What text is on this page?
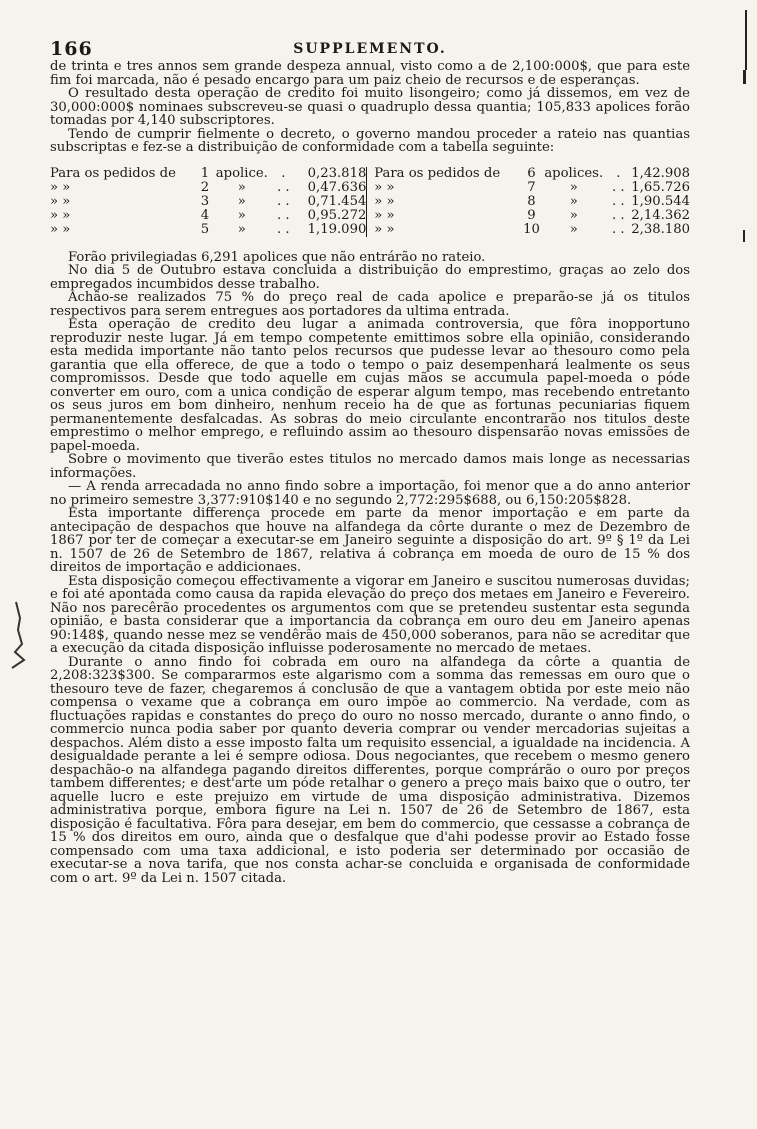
166	SUPPLEMENTO.

de trinta e tres annos sem grande despeza annual, visto como a de 2,100:000$, que para este fim foi marcada, não é pesado encargo para um paiz cheio de recursos e de esperanças.

O resultado desta operação de credito foi muito lisongeiro; como já dissemos, em vez de 30,000:000$ nominaes subscreveu-se quasi o quadruplo dessa quantia; 105,833 apolices forão tomadas por 4,140 subscriptores.

Tendo de cumprir fielmente o decreto, o governo mandou proceder a rateio nas quantias subscriptas e fez-se a distribuição de conformidade com a tabella seguinte:

Para os pedidos de	1	apolice.	.	0,23.818		Para os pedidos de	6	apolices.	.	1,42.908
» »	2	»	. .	0,47.636		» »	7	»	. .	1,65.726
» »	3	»	. .	0,71.454		» »	8	»	. .	1,90.544
» »	4	»	. .	0,95.272		» »	9	»	. .	2,14.362
» »	5	»	. .	1,19.090		» »	10	»	. .	2,38.180

Forão privilegiadas 6,291 apolices que não entrárão no rateio.

No dia 5 de Outubro estava concluida a distribuição do emprestimo, graças ao zelo dos empregados incumbidos desse trabalho.

Achão-se realizados 75 % do preço real de cada apolice e preparão-se já os titulos respectivos para serem entregues aos portadores da ultima entrada.

Esta operação de credito deu lugar a animada controversia, que fôra inopportuno reproduzir neste lugar. Já em tempo competente emittimos sobre ella opinião, considerando esta medida importante não tanto pelos recursos que pudesse levar ao thesouro como pela garantia que ella offerece, de que a todo o tempo o paiz desempenhará lealmente os seus compromissos. Desde que todo aquelle em cujas mãos se accumula papel-moeda o póde converter em ouro, com a unica condição de esperar algum tempo, mas recebendo entretanto os seus juros em bom dinheiro, nenhum receio ha de que as fortunas pecuniarias fiquem permanentemente desfalcadas. As sobras do meio circulante encontrarão nos titulos deste emprestimo o melhor emprego, e refluindo assim ao thesouro dispensarão novas emissões de papel-moeda.

Sobre o movimento que tiverão estes titulos no mercado damos mais longe as necessarias informações.

— A renda arrecadada no anno findo sobre a importação, foi menor que a do anno anterior no primeiro semestre 3,377:910$140 e no segundo 2,772:295$688, ou 6,150:205$828.

Esta importante differença procede em parte da menor importação e em parte da antecipação de despachos que houve na alfandega da côrte durante o mez de Dezembro de 1867 por ter de começar a executar-se em Janeiro seguinte a disposição do art. 9º § 1º da Lei n. 1507 de 26 de Setembro de 1867, relativa á cobrança em moeda de ouro de 15 % dos direitos de importação e addicionaes.

Esta disposição começou effectivamente a vigorar em Janeiro e suscitou numerosas duvidas; e foi até apontada como causa da rapida elevação do preço dos metaes em Janeiro e Fevereiro. Não nos parecêrão procedentes os argumentos com que se pretendeu sustentar esta segunda opinião, e basta considerar que a importancia da cobrança em ouro deu em Janeiro apenas 90:148$, quando nesse mez se vendêrão mais de 450,000 soberanos, para não se acreditar que a execução da citada disposição influisse poderosamente no mercado de metaes.

Durante o anno findo foi cobrada em ouro na alfandega da côrte a quantia de 2,208:323$300. Se compararmos este algarismo com a somma das remessas em ouro que o thesouro teve de fazer, chegaremos á conclusão de que a vantagem obtida por este meio não compensa o vexame que a cobrança em ouro impõe ao commercio. Na verdade, com as fluctuações rapidas e constantes do preço do ouro no nosso mercado, durante o anno findo, o commercio nunca podia saber por quanto deveria comprar ou vender mercadorias sujeitas a despachos. Além disto a esse imposto falta um requisito essencial, a igualdade na incidencia. A desigualdade perante a lei é sempre odiosa. Dous negociantes, que recebem o mesmo genero despachão-o na alfandega pagando direitos differentes, porque comprárão o ouro por preços tambem differentes; e dest'arte um póde retalhar o genero a preço mais baixo que o outro, ter aquelle lucro e este prejuizo em virtude de uma disposição administrativa. Dizemos administrativa porque, embora figure na Lei n. 1507 de 26 de Setembro de 1867, esta disposição é facultativa. Fôra para desejar, em bem do commercio, que cessasse a cobrança de 15 % dos direitos em ouro, ainda que o desfalque que d'ahi podesse provir ao Estado fosse compensado com uma taxa addicional, e isto poderia ser determinado por occasião de executar-se a nova tarifa, que nos consta achar-se concluida e organisada de conformidade com o art. 9º da Lei n. 1507 citada.
